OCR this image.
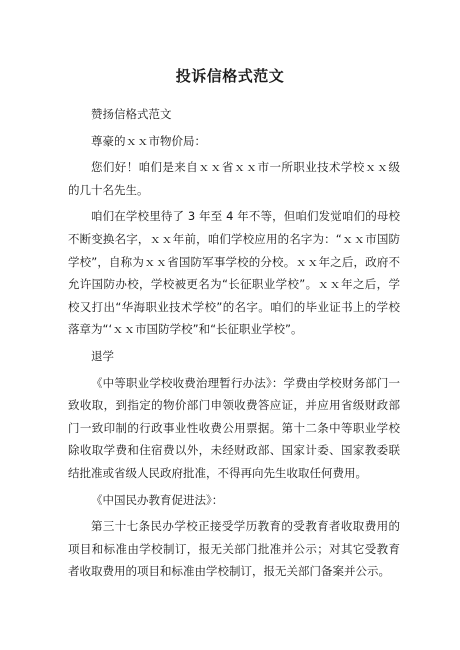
投诉信格式范文

赞扬信格式范文

尊豪的ｘｘ市物价局：

您们好！咱们是来自ｘｘ省ｘｘ市一所职业技术学校ｘｘ级的几十名先生。

咱们在学校里待了 3 年至 4 年不等，但咱们发觉咱们的母校不断变换名字，ｘｘ年前，咱们学校应用的名字为：“ｘｘ市国防学校”，自称为ｘｘ省国防军事学校的分校。ｘｘ年之后，政府不允许国防办校，学校被更名为“长征职业学校”。ｘｘ年之后，学校又打出“华海职业技术学校”的名字。咱们的毕业证书上的学校落章为“‘ｘｘ市国防学校”和“长征职业学校”。

退学

《中等职业学校收费治理暂行办法》：学费由学校财务部门一致收取，到指定的物价部门申领收费答应证，并应用省级财政部门一致印制的行政事业性收费公用票据。第十二条中等职业学校除收取学费和住宿费以外，未经财政部、国家计委、国家教委联结批准或省级人民政府批准，不得再向先生收取任何费用。

《中国民办教育促进法》：

第三十七条民办学校正接受学历教育的受教育者收取费用的项目和标准由学校制订，报无关部门批准并公示；对其它受教育者收取费用的项目和标准由学校制订，报无关部门备案并公示。
